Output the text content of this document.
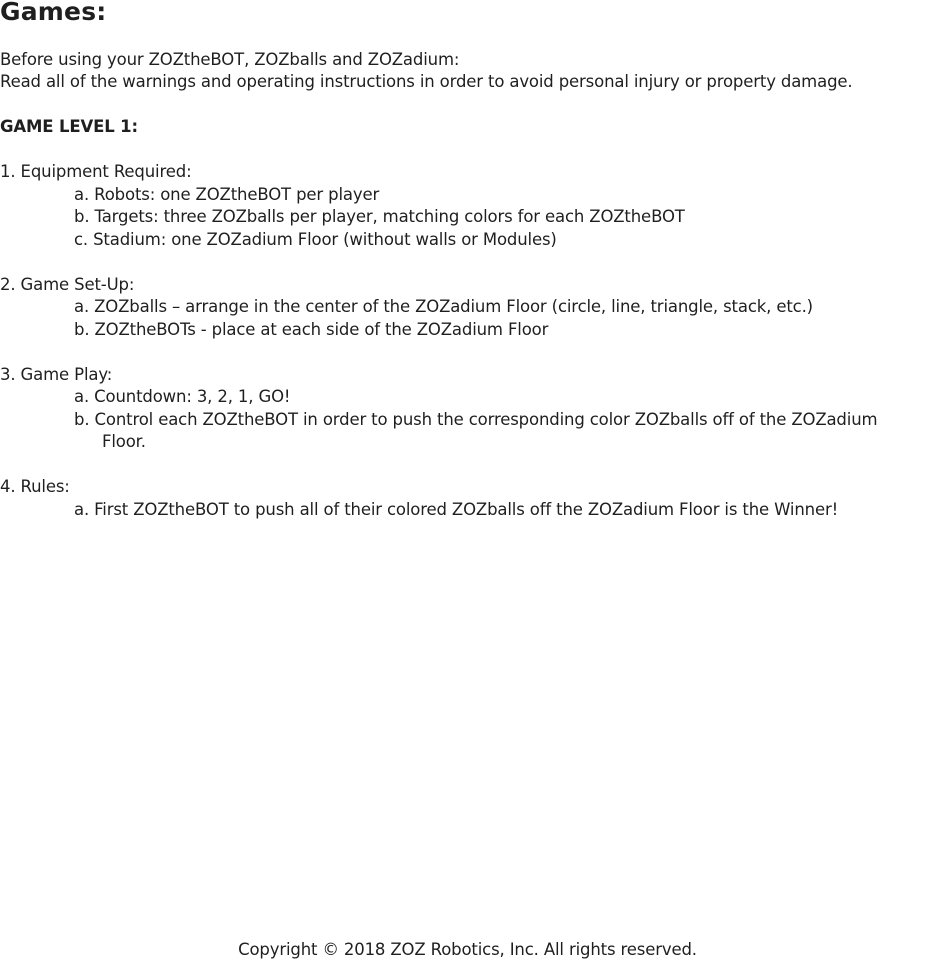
Games:
Before using your ZOZtheBOT, ZOZballs and ZOZadium:
Read all of the warnings and operating instructions in order to avoid personal injury or property damage.
GAME LEVEL 1:
1. Equipment Required:
a. Robots: one ZOZtheBOT per player
b. Targets: three ZOZballs per player, matching colors for each ZOZtheBOT
c. Stadium: one ZOZadium Floor (without walls or Modules)
2. Game Set-Up:
a. ZOZballs – arrange in the center of the ZOZadium Floor (circle, line, triangle, stack, etc.)
b. ZOZtheBOTs - place at each side of the ZOZadium Floor
3. Game Play:
a. Countdown: 3, 2, 1, GO!
b. Control each ZOZtheBOT in order to push the corresponding color ZOZballs off of the ZOZadium
Floor.
4. Rules:
a. First ZOZtheBOT to push all of their colored ZOZballs off the ZOZadium Floor is the Winner!
Copyright © 2018 ZOZ Robotics, Inc. All rights reserved.
